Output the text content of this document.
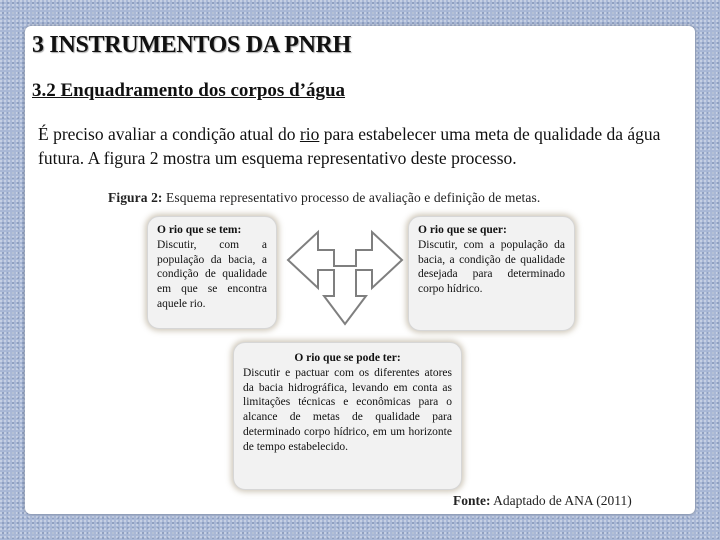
3 INSTRUMENTOS DA PNRH
3.2 Enquadramento dos corpos d’água

É preciso avaliar a condição atual do rio para estabelecer uma meta de qualidade da água futura. A figura 2 mostra um esquema representativo deste processo.

Figura 2: Esquema representativo processo de avaliação e definição de metas.

O rio que se tem:
Discutir, com a população da bacia, a condição de qualidade em que se encontra aquele rio.
O rio que se quer:
Discutir, com a população da bacia, a condição de qualidade desejada para determinado corpo hídrico.
O rio que se pode ter:
Discutir e pactuar com os diferentes atores da bacia hidrográfica, levando em conta as limitações técnicas e econômicas para o alcance de metas de qualidade para determinado corpo hídrico, em um horizonte de tempo estabelecido.

Fonte: Adaptado de ANA (2011)
